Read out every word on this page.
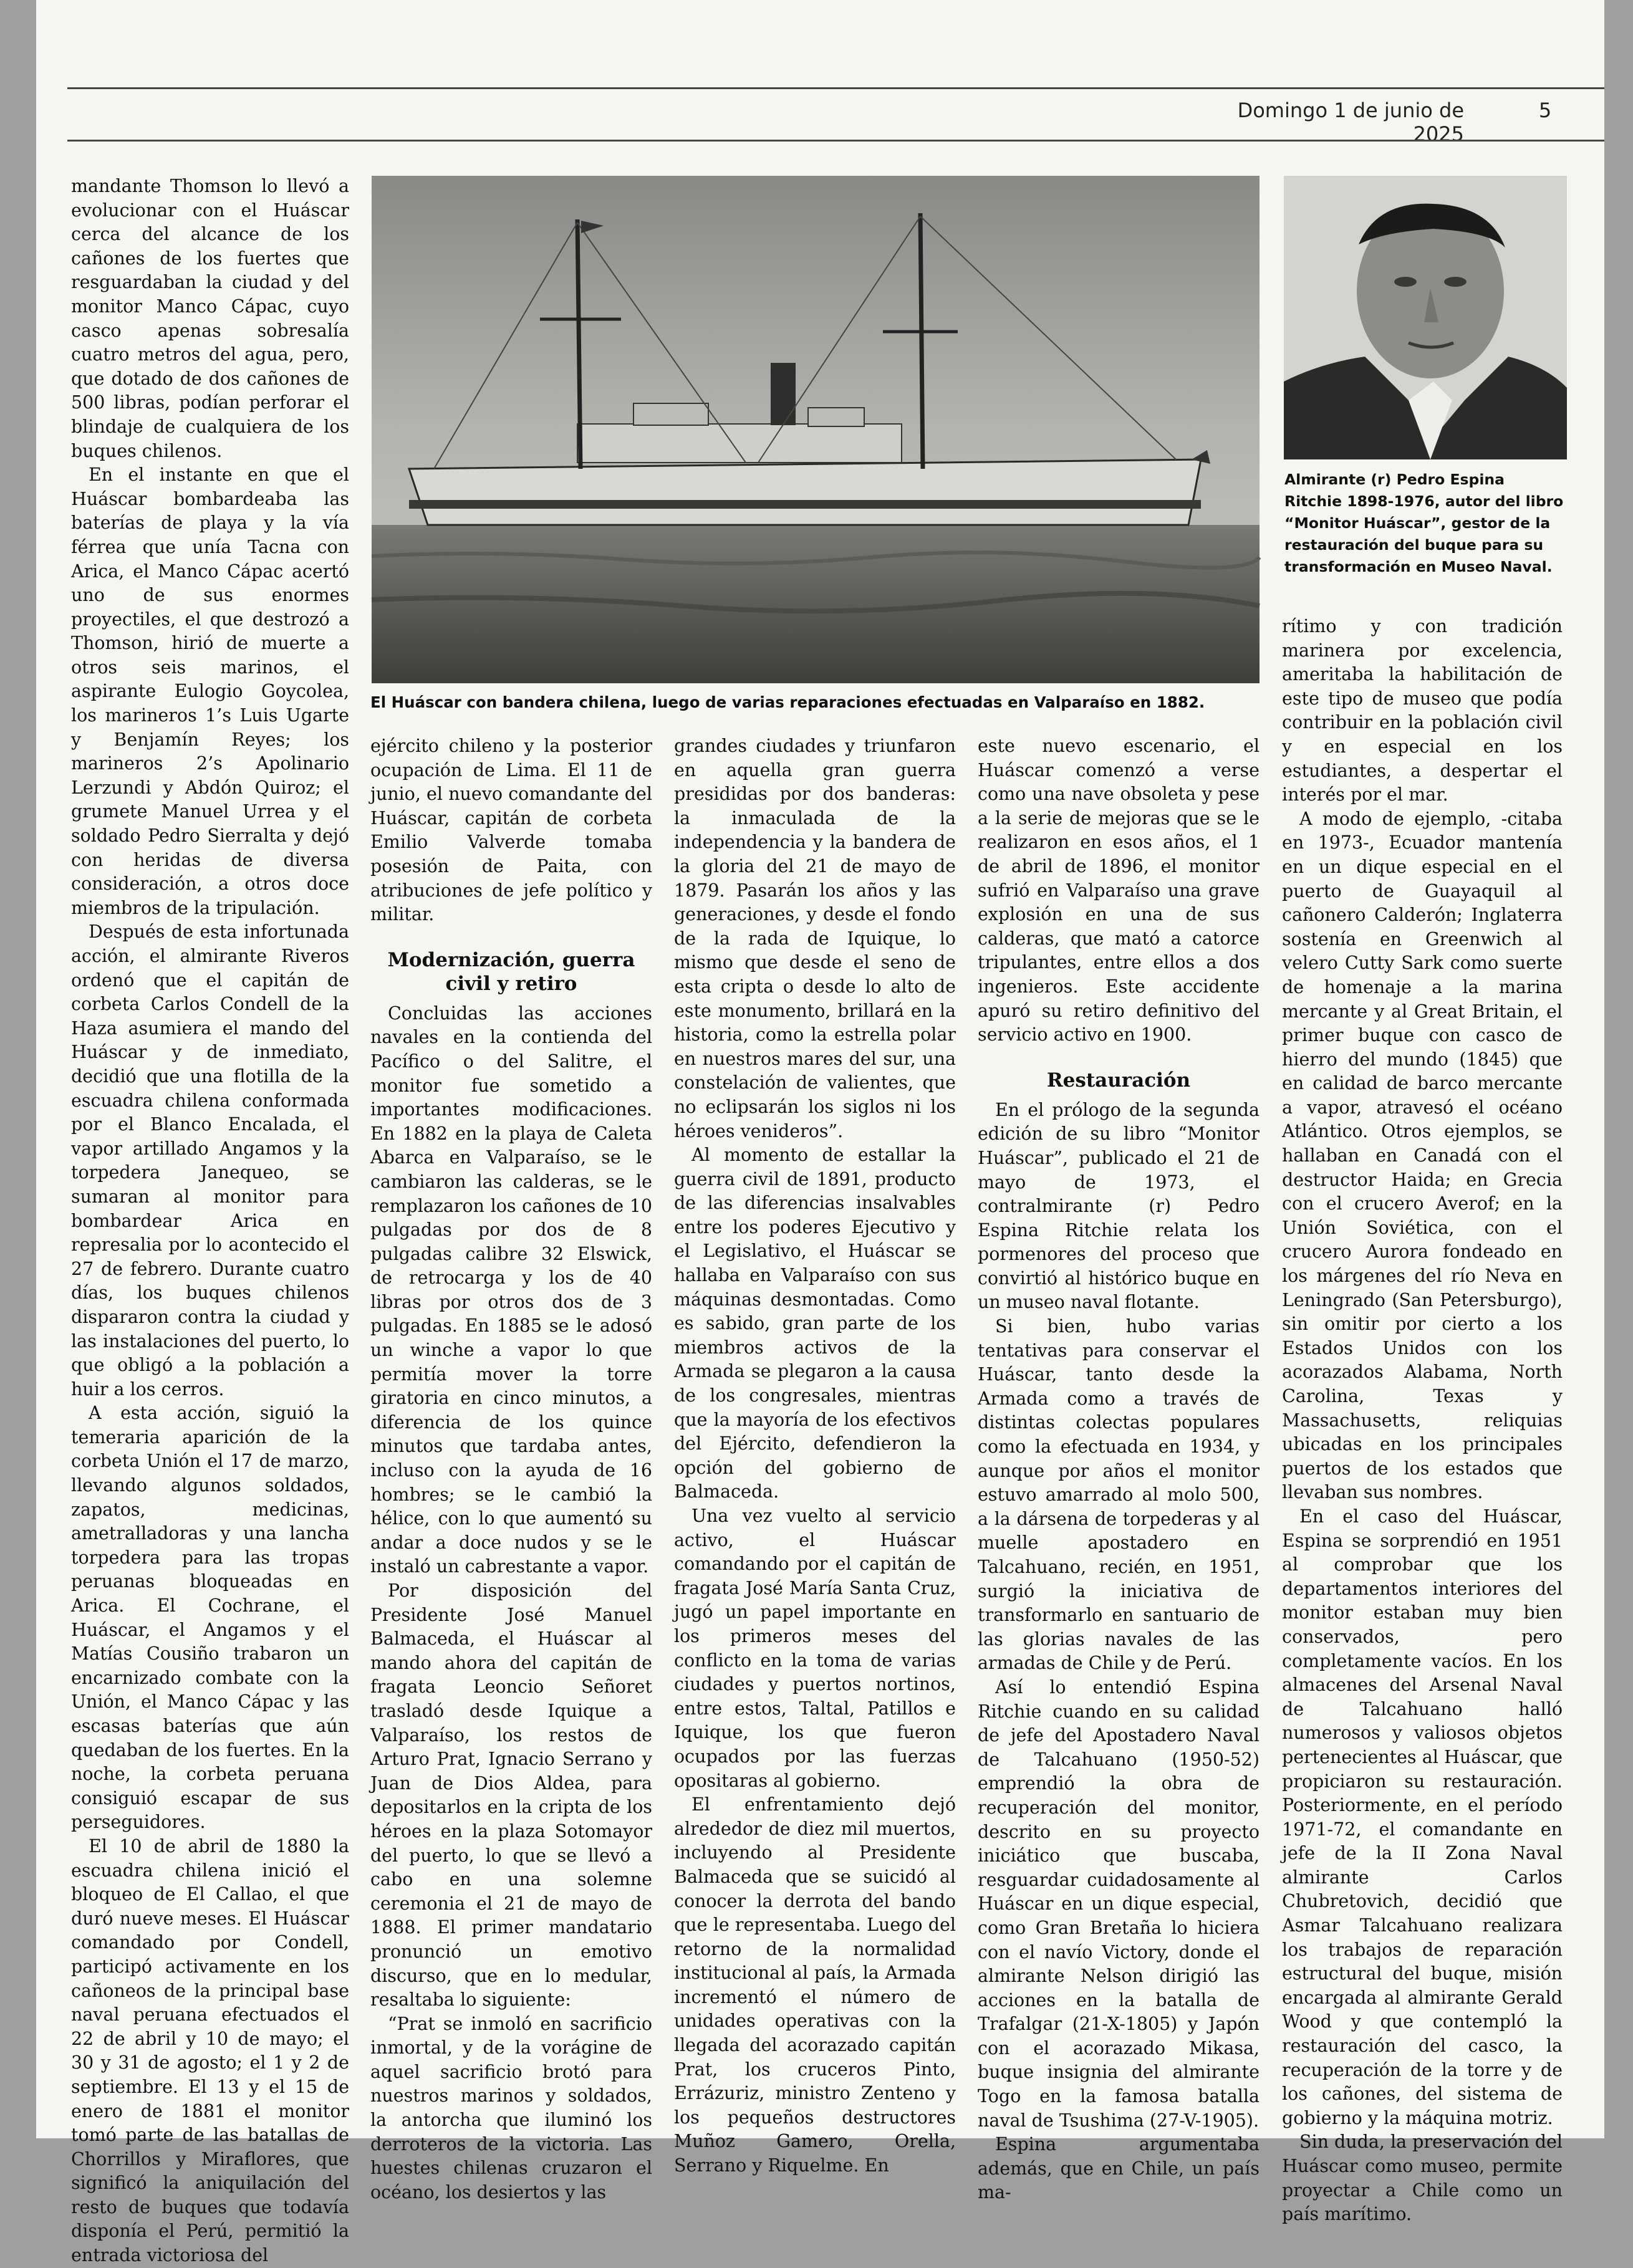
Domingo 1 de junio de 2025
5

mandante Thomson lo llevó a evolucionar con el Huáscar cerca del alcance de los cañones de los fuertes que resguardaban la ciudad y del monitor Manco Cápac, cuyo casco apenas sobresalía cuatro metros del agua, pero, que dotado de dos cañones de 500 libras, podían perforar el blindaje de cualquiera de los buques chilenos.

En el instante en que el Huáscar bombardeaba las baterías de playa y la vía férrea que unía Tacna con Arica, el Manco Cápac acertó uno de sus enormes proyectiles, el que destrozó a Thomson, hirió de muerte a otros seis marinos, el aspirante Eulogio Goycolea, los marineros 1’s Luis Ugarte y Benjamín Reyes; los marineros 2’s Apolinario Lerzundi y Abdón Quiroz; el grumete Manuel Urrea y el soldado Pedro Sierralta y dejó con heridas de diversa consideración, a otros doce miembros de la tripulación.

Después de esta infortunada acción, el almirante Riveros ordenó que el capitán de corbeta Carlos Condell de la Haza asumiera el mando del Huáscar y de inmediato, decidió que una flotilla de la escuadra chilena conformada por el Blanco Encalada, el vapor artillado Angamos y la torpedera Janequeo, se sumaran al monitor para bombardear Arica en represalia por lo acontecido el 27 de febrero. Durante cuatro días, los buques chilenos dispararon contra la ciudad y las instalaciones del puerto, lo que obligó a la población a huir a los cerros.

A esta acción, siguió la temeraria aparición de la corbeta Unión el 17 de marzo, llevando algunos soldados, zapatos, medicinas, ametralladoras y una lancha torpedera para las tropas peruanas bloqueadas en Arica. El Cochrane, el Huáscar, el Angamos y el Matías Cousiño trabaron un encarnizado combate con la Unión, el Manco Cápac y las escasas baterías que aún quedaban de los fuertes. En la noche, la corbeta peruana consiguió escapar de sus perseguidores.

El 10 de abril de 1880 la escuadra chilena inició el bloqueo de El Callao, el que duró nueve meses. El Huáscar comandado por Condell, participó activamente en los cañoneos de la principal base naval peruana efectuados el 22 de abril y 10 de mayo; el 30 y 31 de agosto; el 1 y 2 de septiembre. El 13 y el 15 de enero de 1881 el monitor tomó parte de las batallas de Chorrillos y Miraflores, que significó la aniquilación del resto de buques que todavía disponía el Perú, permitió la entrada victoriosa del

El Huáscar con bandera chilena, luego de varias reparaciones efectuadas en Valparaíso en 1882.
Almirante (r) Pedro Espina Ritchie 1898-1976, autor del libro “Monitor Huáscar”, gestor de la restauración del buque para su transformación en Museo Naval.

ejército chileno y la posterior ocupación de Lima. El 11 de junio, el nuevo comandante del Huáscar, capitán de corbeta Emilio Valverde tomaba posesión de Paita, con atribuciones de jefe político y militar.

Modernización, guerra civil y retiro

Concluidas las acciones navales en la contienda del Pacífico o del Salitre, el monitor fue sometido a importantes modificaciones. En 1882 en la playa de Caleta Abarca en Valparaíso, se le cambiaron las calderas, se le remplazaron los cañones de 10 pulgadas por dos de 8 pulgadas calibre 32 Elswick, de retrocarga y los de 40 libras por otros dos de 3 pulgadas. En 1885 se le adosó un winche a vapor lo que permitía mover la torre giratoria en cinco minutos, a diferencia de los quince minutos que tardaba antes, incluso con la ayuda de 16 hombres; se le cambió la hélice, con lo que aumentó su andar a doce nudos y se le instaló un cabrestante a vapor.

Por disposición del Presidente José Manuel Balmaceda, el Huáscar al mando ahora del capitán de fragata Leoncio Señoret trasladó desde Iquique a Valparaíso, los restos de Arturo Prat, Ignacio Serrano y Juan de Dios Aldea, para depositarlos en la cripta de los héroes en la plaza Sotomayor del puerto, lo que se llevó a cabo en una solemne ceremonia el 21 de mayo de 1888. El primer mandatario pronunció un emotivo discurso, que en lo medular, resaltaba lo siguiente:

“Prat se inmoló en sacrificio inmortal, y de la vorágine de aquel sacrificio brotó para nuestros marinos y soldados, la antorcha que iluminó los derroteros de la victoria. Las huestes chilenas cruzaron el océano, los desiertos y las

grandes ciudades y triunfaron en aquella gran guerra presididas por dos banderas: la inmaculada de la independencia y la bandera de la gloria del 21 de mayo de 1879. Pasarán los años y las generaciones, y desde el fondo de la rada de Iquique, lo mismo que desde el seno de esta cripta o desde lo alto de este monumento, brillará en la historia, como la estrella polar en nuestros mares del sur, una constelación de valientes, que no eclipsarán los siglos ni los héroes venideros”.

Al momento de estallar la guerra civil de 1891, producto de las diferencias insalvables entre los poderes Ejecutivo y el Legislativo, el Huáscar se hallaba en Valparaíso con sus máquinas desmontadas. Como es sabido, gran parte de los miembros activos de la Armada se plegaron a la causa de los congresales, mientras que la mayoría de los efectivos del Ejército, defendieron la opción del gobierno de Balmaceda.

Una vez vuelto al servicio activo, el Huáscar comandando por el capitán de fragata José María Santa Cruz, jugó un papel importante en los primeros meses del conflicto en la toma de varias ciudades y puertos nortinos, entre estos, Taltal, Patillos e Iquique, los que fueron ocupados por las fuerzas opositaras al gobierno.

El enfrentamiento dejó alrededor de diez mil muertos, incluyendo al Presidente Balmaceda que se suicidó al conocer la derrota del bando que le representaba. Luego del retorno de la normalidad institucional al país, la Armada incrementó el número de unidades operativas con la llegada del acorazado capitán Prat, los cruceros Pinto, Errázuriz, ministro Zenteno y los pequeños destructores Muñoz Gamero, Orella, Serrano y Riquelme. En

este nuevo escenario, el Huáscar comenzó a verse como una nave obsoleta y pese a la serie de mejoras que se le realizaron en esos años, el 1 de abril de 1896, el monitor sufrió en Valparaíso una grave explosión en una de sus calderas, que mató a catorce tripulantes, entre ellos a dos ingenieros. Este accidente apuró su retiro definitivo del servicio activo en 1900.

Restauración

En el prólogo de la segunda edición de su libro “Monitor Huáscar”, publicado el 21 de mayo de 1973, el contralmirante (r) Pedro Espina Ritchie relata los pormenores del proceso que convirtió al histórico buque en un museo naval flotante.

Si bien, hubo varias tentativas para conservar el Huáscar, tanto desde la Armada como a través de distintas colectas populares como la efectuada en 1934, y aunque por años el monitor estuvo amarrado al molo 500, a la dársena de torpederas y al muelle apostadero en Talcahuano, recién, en 1951, surgió la iniciativa de transformarlo en santuario de las glorias navales de las armadas de Chile y de Perú.

Así lo entendió Espina Ritchie cuando en su calidad de jefe del Apostadero Naval de Talcahuano (1950-52) emprendió la obra de recuperación del monitor, descrito en su proyecto iniciático que buscaba, resguardar cuidadosamente al Huáscar en un dique especial, como Gran Bretaña lo hiciera con el navío Victory, donde el almirante Nelson dirigió las acciones en la batalla de Trafalgar (21-X-1805) y Japón con el acorazado Mikasa, buque insignia del almirante Togo en la famosa batalla naval de Tsushima (27-V-1905).

Espina argumentaba además, que en Chile, un país ma-

rítimo y con tradición marinera por excelencia, ameritaba la habilitación de este tipo de museo que podía contribuir en la población civil y en especial en los estudiantes, a despertar el interés por el mar.

A modo de ejemplo, -citaba en 1973-, Ecuador mantenía en un dique especial en el puerto de Guayaquil al cañonero Calderón; Inglaterra sostenía en Greenwich al velero Cutty Sark como suerte de homenaje a la marina mercante y al Great Britain, el primer buque con casco de hierro del mundo (1845) que en calidad de barco mercante a vapor, atravesó el océano Atlántico. Otros ejemplos, se hallaban en Canadá con el destructor Haida; en Grecia con el crucero Averof; en la Unión Soviética, con el crucero Aurora fondeado en los márgenes del río Neva en Leningrado (San Petersburgo), sin omitir por cierto a los Estados Unidos con los acorazados Alabama, North Carolina, Texas y Massachusetts, reliquias ubicadas en los principales puertos de los estados que llevaban sus nombres.

En el caso del Huáscar, Espina se sorprendió en 1951 al comprobar que los departamentos interiores del monitor estaban muy bien conservados, pero completamente vacíos. En los almacenes del Arsenal Naval de Talcahuano halló numerosos y valiosos objetos pertenecientes al Huáscar, que propiciaron su restauración. Posteriormente, en el período 1971-72, el comandante en jefe de la II Zona Naval almirante Carlos Chubretovich, decidió que Asmar Talcahuano realizara los trabajos de reparación estructural del buque, misión encargada al almirante Gerald Wood y que contempló la restauración del casco, la recuperación de la torre y de los cañones, del sistema de gobierno y la máquina motriz.

Sin duda, la preservación del Huáscar como museo, permite proyectar a Chile como un país marítimo.
